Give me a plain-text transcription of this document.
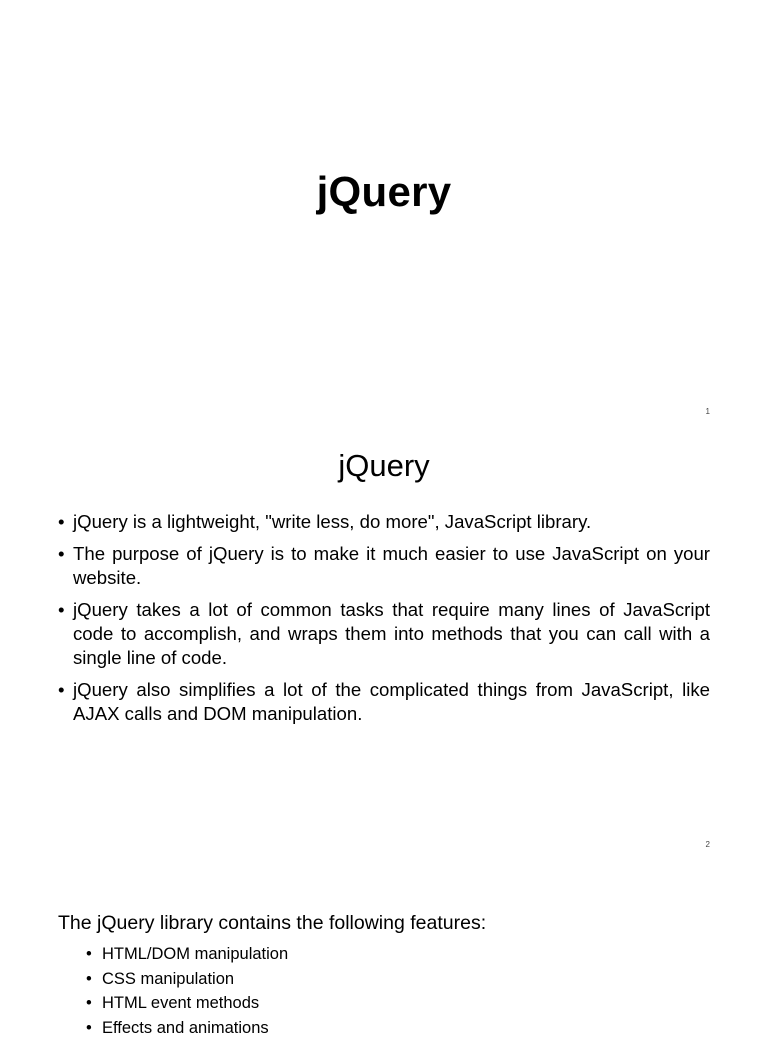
jQuery
1
jQuery
• jQuery is a lightweight, "write less, do more", JavaScript library.
• The purpose of jQuery is to make it much easier to use JavaScript on your website.
• jQuery takes a lot of common tasks that require many lines of JavaScript code to accomplish, and wraps them into methods that you can call with a single line of code.
• jQuery also simplifies a lot of the complicated things from JavaScript, like AJAX calls and DOM manipulation.
2
The jQuery library contains the following features:
• HTML/DOM manipulation
• CSS manipulation
• HTML event methods
• Effects and animations
